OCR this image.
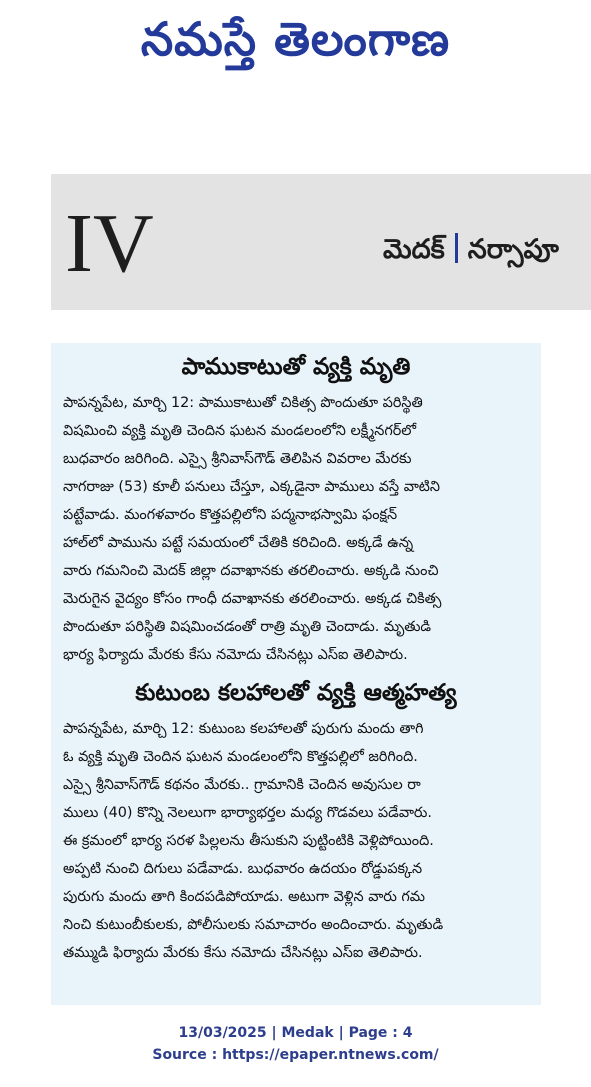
నమస్తే తెలంగాణ
IV	మెదక్ నర్సాపూ
పాముకాటుతో వ్యక్తి మృతి
పాపన్నపేట, మార్చి 12: పాముకాటుతో చికిత్స పొందుతూ పరిస్థితి
విషమించి వ్యక్తి మృతి చెందిన ఘటన మండలంలోని లక్ష్మీనగర్‌లో
బుధవారం జరిగింది. ఎస్సై శ్రీనివాస్‌గౌడ్ తెలిపిన వివరాల మేరకు
నాగరాజు (53) కూలీ పనులు చేస్తూ, ఎక్కడైనా పాములు వస్తే వాటిని
పట్టేవాడు. మంగళవారం కొత్తపల్లిలోని పద్మనాభస్వామి ఫంక్షన్
హాల్‌లో పామును పట్టే సమయంలో చేతికి కరిచింది. అక్కడే ఉన్న
వారు గమనించి మెదక్ జిల్లా దవాఖానకు తరలించారు. అక్కడి నుంచి
మెరుగైన వైద్యం కోసం గాంధీ దవాఖానకు తరలించారు. అక్కడ చికిత్స
పొందుతూ పరిస్థితి విషమించడంతో రాత్రి మృతి చెందాడు. మృతుడి
భార్య ఫిర్యాదు మేరకు కేసు నమోదు చేసినట్లు ఎస్ఐ తెలిపారు.
కుటుంబ కలహాలతో వ్యక్తి ఆత్మహత్య
పాపన్నపేట, మార్చి 12: కుటుంబ కలహాలతో పురుగు మందు తాగి
ఓ వ్యక్తి మృతి చెందిన ఘటన మండలంలోని కొత్తపల్లిలో జరిగింది.
ఎస్సై శ్రీనివాస్‌గౌడ్ కథనం మేరకు.. గ్రామానికి చెందిన అవుసుల రా
ములు (40) కొన్ని నెలలుగా భార్యాభర్తల మధ్య గొడవలు పడేవారు.
ఈ క్రమంలో భార్య సరళ పిల్లలను తీసుకుని పుట్టింటికి వెళ్లిపోయింది.
అప్పటి నుంచి దిగులు పడేవాడు. బుధవారం ఉదయం రోడ్డుపక్కన
పురుగు మందు తాగి కిందపడిపోయాడు. అటుగా వెళ్లిన వారు గమ
నించి కుటుంబీకులకు, పోలీసులకు సమాచారం అందించారు. మృతుడి
తమ్ముడి ఫిర్యాదు మేరకు కేసు నమోదు చేసినట్లు ఎస్ఐ తెలిపారు.
13/03/2025 | Medak | Page : 4
Source : https://epaper.ntnews.com/
